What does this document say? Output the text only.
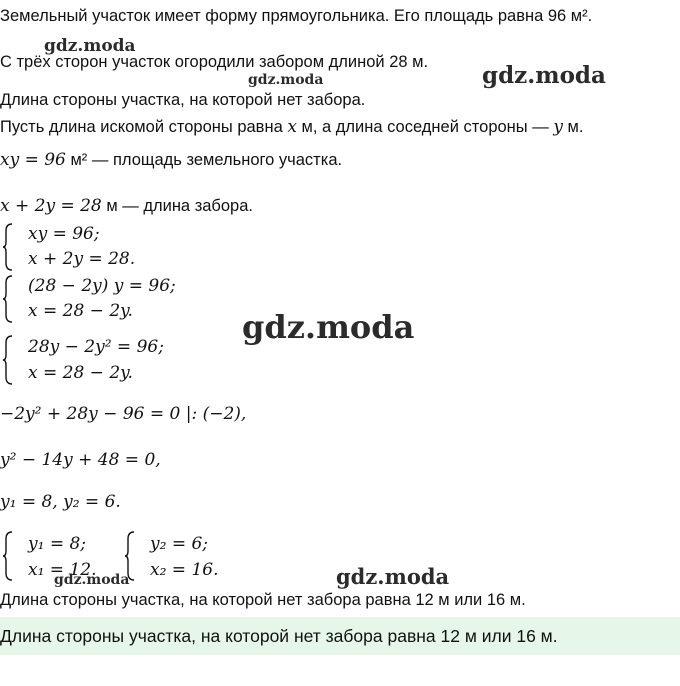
Земельный участок имеет форму прямоугольника. Его площадь равна 96 м².
С трёх сторон участок огородили забором длиной 28 м.
Длина стороны участка, на которой нет забора.
Пусть длина искомой стороны равна x м, а длина соседней стороны — y м.
xy = 96 м² — площадь земельного участка.
x + 2y = 28 м — длина забора.
xy = 96;
x + 2y = 28.
(28 − 2y) y = 96;
x = 28 − 2y.
28y − 2y² = 96;
x = 28 − 2y.
−2y² + 28y − 96 = 0 |: (−2),
y² − 14y + 48 = 0,
y₁ = 8, y₂ = 6.
y₁ = 8;
x₁ = 12.
y₂ = 6;
x₂ = 16.
Длина стороны участка, на которой нет забора равна 12 м или 16 м.
Длина стороны участка, на которой нет забора равна 12 м или 16 м.
gdz.moda
gdz.moda	gdz.moda
gdz.moda
gdz.moda	gdz.moda
